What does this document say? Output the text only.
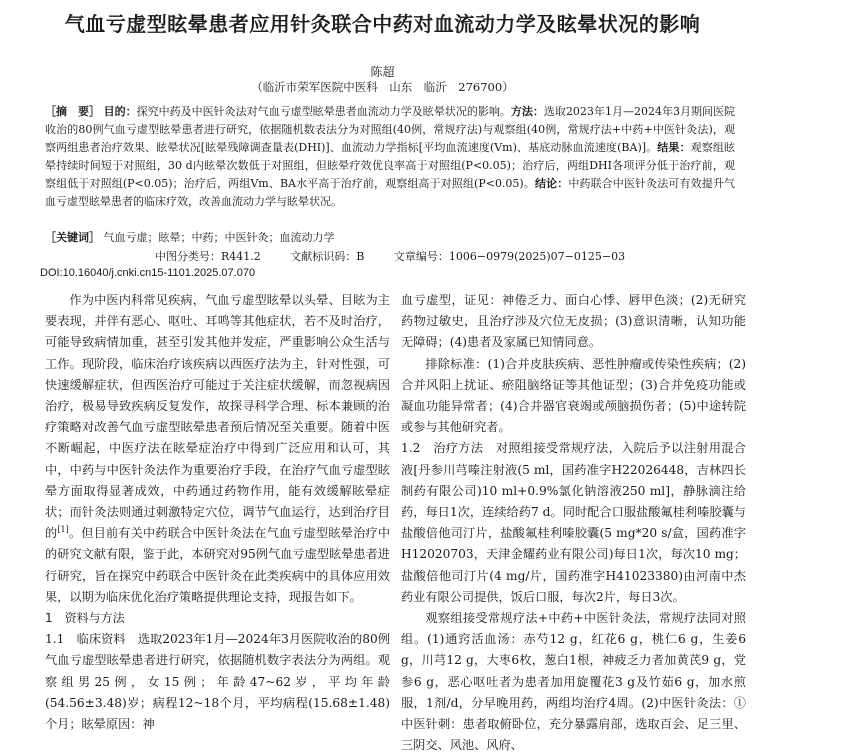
气血亏虚型眩晕患者应用针灸联合中药对血流动力学及眩晕状况的影响
陈超
（临沂市荣军医院中医科　山东　临沂　276700）
［摘　要］ 目的：探究中药及中医针灸法对气血亏虚型眩晕患者血流动力学及眩晕状况的影响。方法：选取2023年1月—2024年3月期间医院收治的80例气血亏虚型眩晕患者进行研究，依据随机数表法分为对照组(40例，常规疗法)与观察组(40例，常规疗法+中药+中医针灸法)，观察两组患者治疗效果、眩晕状况[眩晕残障调查量表(DHI)]、血流动力学指标[平均血流速度(Vm)、基底动脉血流速度(BA)]。结果：观察组眩晕持续时间短于对照组，30 d内眩晕次数低于对照组，但眩晕疗效优良率高于对照组(P<0.05)；治疗后，两组DHI各项评分低于治疗前，观察组低于对照组(P<0.05)；治疗后，两组Vm、BA水平高于治疗前，观察组高于对照组(P<0.05)。结论：中药联合中医针灸法可有效提升气血亏虚型眩晕患者的临床疗效，改善血流动力学与眩晕状况。
［关键词］ 气血亏虚；眩晕；中药；中医针灸；血流动力学
中图分类号：R441.2	文献标识码：B	文章编号：1006−0979(2025)07−0125−03
DOI:10.16040/j.cnki.cn15-1101.2025.07.070

作为中医内科常见疾病，气血亏虚型眩晕以头晕、目眩为主要表现，并伴有恶心、呕吐、耳鸣等其他症状，若不及时治疗，可能导致病情加重，甚至引发其他并发症，严重影响公众生活与工作。现阶段，临床治疗该疾病以西医疗法为主，针对性强，可快速缓解症状，但西医治疗可能过于关注症状缓解，而忽视病因治疗，极易导致疾病反复发作，故探寻科学合理、标本兼顾的治疗策略对改善气血亏虚型眩晕患者预后情况至关重要。随着中医不断崛起，中医疗法在眩晕症治疗中得到广泛应用和认可，其中，中药与中医针灸法作为重要治疗手段，在治疗气血亏虚型眩晕方面取得显著成效，中药通过药物作用，能有效缓解眩晕症状；而针灸法则通过刺激特定穴位，调节气血运行，达到治疗目的[1]。但目前有关中药联合中医针灸法在气血亏虚型眩晕治疗中的研究文献有限，鉴于此，本研究对95例气血亏虚型眩晕患者进行研究，旨在探究中药联合中医针灸在此类疾病中的具体应用效果，以期为临床优化治疗策略提供理论支持，现报告如下。

1　资料与方法

1.1　临床资料　选取2023年1月—2024年3月医院收治的80例气血亏虚型眩晕患者进行研究，依据随机数字表法分为两组。观察组男25例，女15例；年龄47~62岁，平均年龄(54.56±3.48)岁；病程12~18个月，平均病程(15.68±1.48)个月；眩晕原因：神

血亏虚型，证见：神倦乏力、面白心悸、唇甲色淡；(2)无研究药物过敏史，且治疗涉及穴位无皮损；(3)意识清晰，认知功能无障碍；(4)患者及家属已知情同意。

排除标准：(1)合并皮肤疾病、恶性肿瘤或传染性疾病；(2)合并风阳上扰证、瘀阻脑络证等其他证型；(3)合并免疫功能或凝血功能异常者；(4)合并器官衰竭或颅脑损伤者；(5)中途转院或参与其他研究者。

1.2　治疗方法　对照组接受常规疗法，入院后予以注射用混合液[丹参川芎嗪注射液(5 ml，国药准字H22026448，吉林四长制药有限公司)10 ml+0.9%氯化钠溶液250 ml]，静脉滴注给药，每日1次，连续给药7 d。同时配合口服盐酸氟桂利嗪胶囊与盐酸倍他司汀片，盐酸氟桂利嗪胶囊(5 mg*20 s/盒，国药准字H12020703，天津金耀药业有限公司)每日1次，每次10 mg；盐酸倍他司汀片(4 mg/片，国药准字H41023380)由河南中杰药业有限公司提供，饭后口服，每次2片，每日3次。

观察组接受常规疗法+中药+中医针灸法，常规疗法同对照组。(1)通窍活血汤：赤芍12 g，红花6 g，桃仁6 g，生姜6 g，川芎12 g，大枣6枚，葱白1根，神疲乏力者加黄芪9 g，党参6 g，恶心呕吐者为患者加用旋覆花3 g及竹茹6 g，加水煎服，1剂/d，分早晚用药，两组均治疗4周。(2)中医针灸法：①中医针刺：患者取俯卧位，充分暴露肩部，选取百会、足三里、三阴交、风池、风府、
